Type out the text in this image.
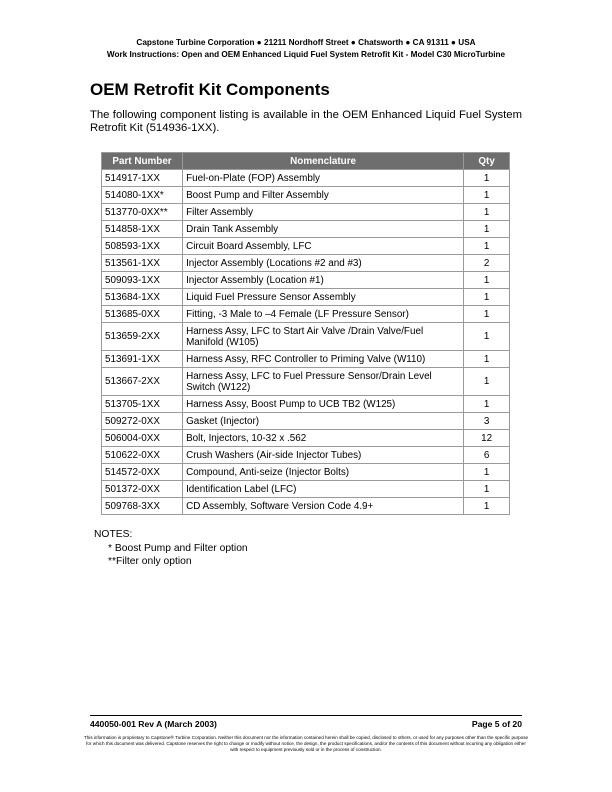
Capstone Turbine Corporation ● 21211 Nordhoff Street ● Chatsworth ● CA 91311 ● USA
Work Instructions: Open and OEM Enhanced Liquid Fuel System Retrofit Kit - Model C30 MicroTurbine
OEM Retrofit Kit Components

The following component listing is available in the OEM Enhanced Liquid Fuel System Retrofit Kit (514936-1XX).

Part Number	Nomenclature	Qty
514917-1XX	Fuel-on-Plate (FOP) Assembly	1
514080-1XX*	Boost Pump and Filter Assembly	1
513770-0XX**	Filter Assembly	1
514858-1XX	Drain Tank Assembly	1
508593-1XX	Circuit Board Assembly, LFC	1
513561-1XX	Injector Assembly (Locations #2 and #3)	2
509093-1XX	Injector Assembly (Location #1)	1
513684-1XX	Liquid Fuel Pressure Sensor Assembly	1
513685-0XX	Fitting, -3 Male to –4 Female (LF Pressure Sensor)	1
513659-2XX	Harness Assy, LFC to Start Air Valve /Drain Valve/Fuel Manifold (W105)	1
513691-1XX	Harness Assy, RFC Controller to Priming Valve (W110)	1
513667-2XX	Harness Assy, LFC to Fuel Pressure Sensor/Drain Level Switch (W122)	1
513705-1XX	Harness Assy, Boost Pump to UCB TB2 (W125)	1
509272-0XX	Gasket (Injector)	3
506004-0XX	Bolt, Injectors, 10-32 x .562	12
510622-0XX	Crush Washers (Air-side Injector Tubes)	6
514572-0XX	Compound, Anti-seize (Injector Bolts)	1
501372-0XX	Identification Label (LFC)	1
509768-3XX	CD Assembly, Software Version Code 4.9+	1
NOTES:
* Boost Pump and Filter option
**Filter only option
440050-001 Rev A (March 2003)	Page 5 of 20
This information is proprietary to Capstone® Turbine Corporation. Neither this document nor the information contained herein shall be copied, disclosed to others, or used for any purposes other than the specific purpose for which this document was delivered. Capstone reserves the right to change or modify without notice, the design, the product specifications, and/or the contents of this document without incurring any obligation either with respect to equipment previously sold or in the process of construction.
